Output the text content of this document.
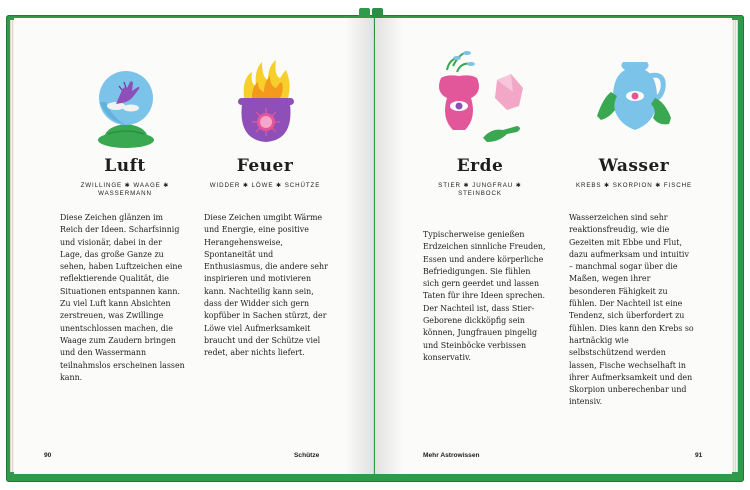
Luft
ZWILLINGE ✱ WAAGE ✱ WASSERMANN
Diese Zeichen glänzen im Reich der Ideen. Scharfsinnig und visionär, dabei in der Lage, das große Ganze zu sehen, haben Luftzeichen eine reflektierende Qualität, die Situationen entspannen kann. Zu viel Luft kann Absichten zerstreuen, was Zwillinge unentschlossen machen, die Waage zum Zaudern bringen und den Wassermann teilnahmslos erscheinen lassen kann.
Feuer
WIDDER ✱ LÖWE ✱ SCHÜTZE
Diese Zeichen umgibt Wärme und Energie, eine positive Herangehensweise, Spontaneität und Enthusiasmus, die andere sehr inspirieren und motivieren kann. Nachteilig kann sein, dass der Widder sich gern kopfüber in Sachen stürzt, der Löwe viel Aufmerksamkeit braucht und der Schütze viel redet, aber nichts liefert.
90	Schütze
Erde
STIER ✱ JUNGFRAU ✱ STEINBOCK
Typischerweise genießen Erdzeichen sinnliche Freuden, Essen und andere körperliche Befriedigungen. Sie fühlen sich gern geerdet und lassen Taten für ihre Ideen sprechen. Der Nachteil ist, dass Stier-Geborene dickköpfig sein können, Jungfrauen pingelig und Steinböcke verbissen konservativ.
Wasser
KREBS ✱ SKORPION ✱ FISCHE
Wasserzeichen sind sehr reaktionsfreudig, wie die Gezeiten mit Ebbe und Flut, dazu aufmerksam und intuitiv – manchmal sogar über die Maßen, wegen ihrer besonderen Fähigkeit zu fühlen. Der Nachteil ist eine Tendenz, sich überfordert zu fühlen. Dies kann den Krebs so hartnäckig wie selbstschützend werden lassen, Fische wechselhaft in ihrer Aufmerksamkeit und den Skorpion unberechenbar und intensiv.
Mehr Astrowissen	91
